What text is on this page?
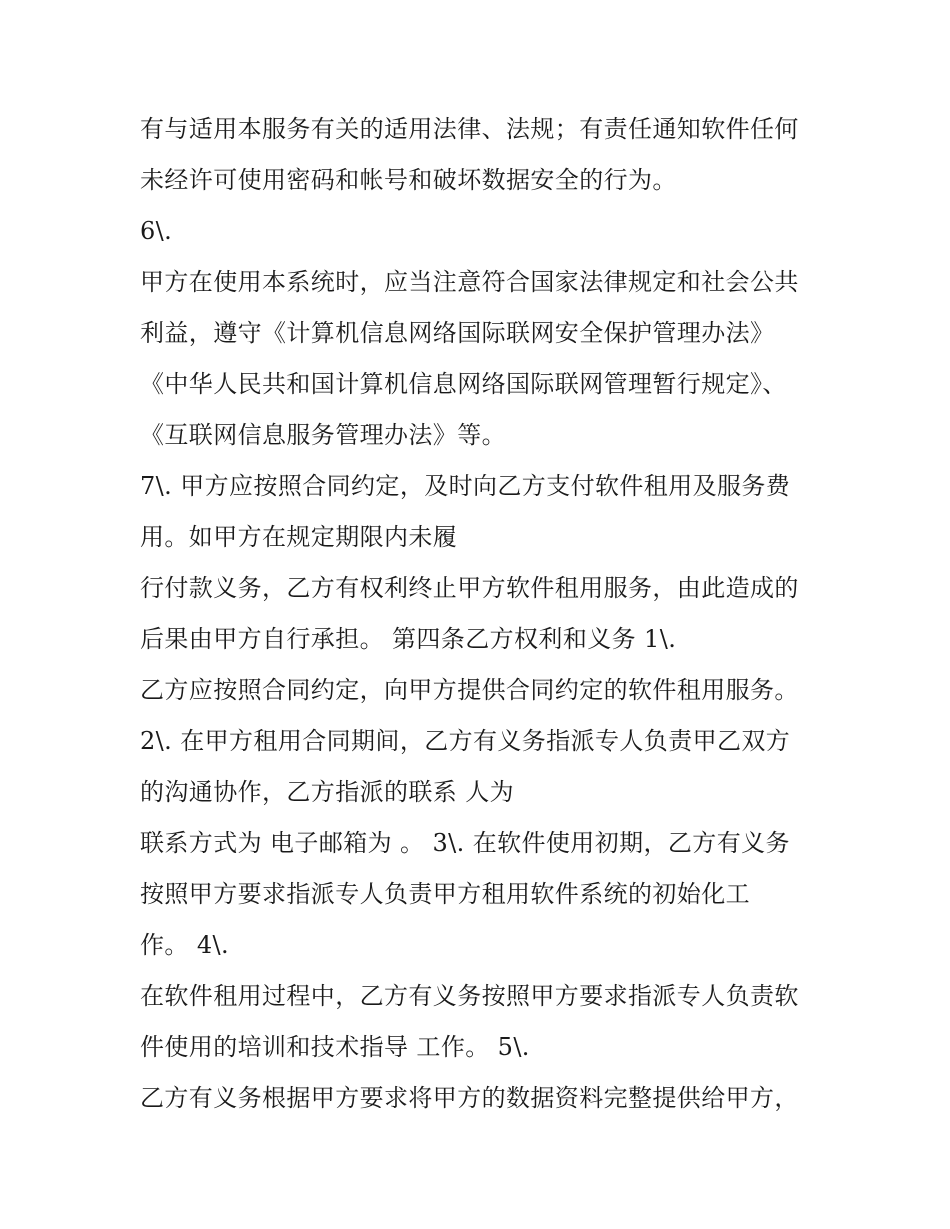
有与适用本服务有关的适用法律、法规；有责任通知软件任何
未经许可使用密码和帐号和破坏数据安全的行为。
6\.
甲方在使用本系统时，应当注意符合国家法律规定和社会公共
利益，遵守《计算机信息网络国际联网安全保护管理办法》
《中华人民共和国计算机信息网络国际联网管理暂行规定》、
《互联网信息服务管理办法》等。
7\. 甲方应按照合同约定，及时向乙方支付软件租用及服务费
用。如甲方在规定期限内未履
行付款义务，乙方有权利终止甲方软件租用服务，由此造成的
后果由甲方自行承担。 第四条乙方权利和义务 1\.
乙方应按照合同约定，向甲方提供合同约定的软件租用服务。
2\. 在甲方租用合同期间，乙方有义务指派专人负责甲乙双方
的沟通协作，乙方指派的联系 人为
联系方式为 电子邮箱为 。 3\. 在软件使用初期，乙方有义务
按照甲方要求指派专人负责甲方租用软件系统的初始化工
作。 4\.
在软件租用过程中，乙方有义务按照甲方要求指派专人负责软
件使用的培训和技术指导 工作。 5\.
乙方有义务根据甲方要求将甲方的数据资料完整提供给甲方，
